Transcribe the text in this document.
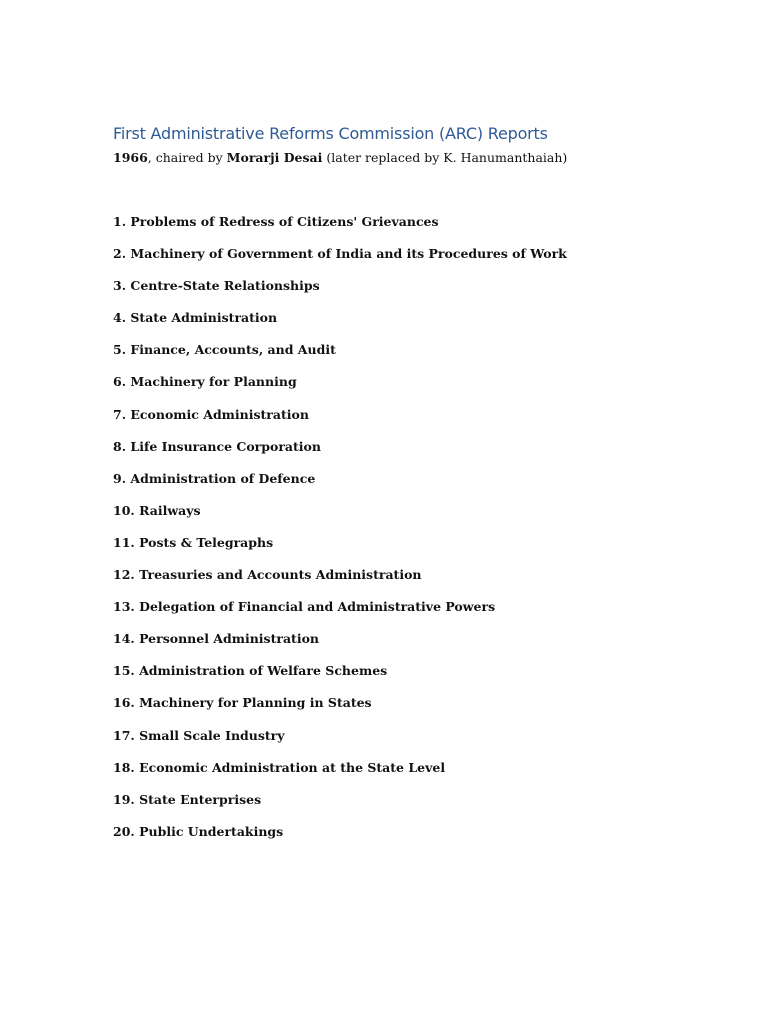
First Administrative Reforms Commission (ARC) Reports

1966, chaired by Morarji Desai (later replaced by K. Hanumanthaiah)

1. Problems of Redress of Citizens' Grievances
2. Machinery of Government of India and its Procedures of Work
3. Centre-State Relationships
4. State Administration
5. Finance, Accounts, and Audit
6. Machinery for Planning
7. Economic Administration
8. Life Insurance Corporation
9. Administration of Defence
10. Railways
11. Posts & Telegraphs
12. Treasuries and Accounts Administration
13. Delegation of Financial and Administrative Powers
14. Personnel Administration
15. Administration of Welfare Schemes
16. Machinery for Planning in States
17. Small Scale Industry
18. Economic Administration at the State Level
19. State Enterprises
20. Public Undertakings
